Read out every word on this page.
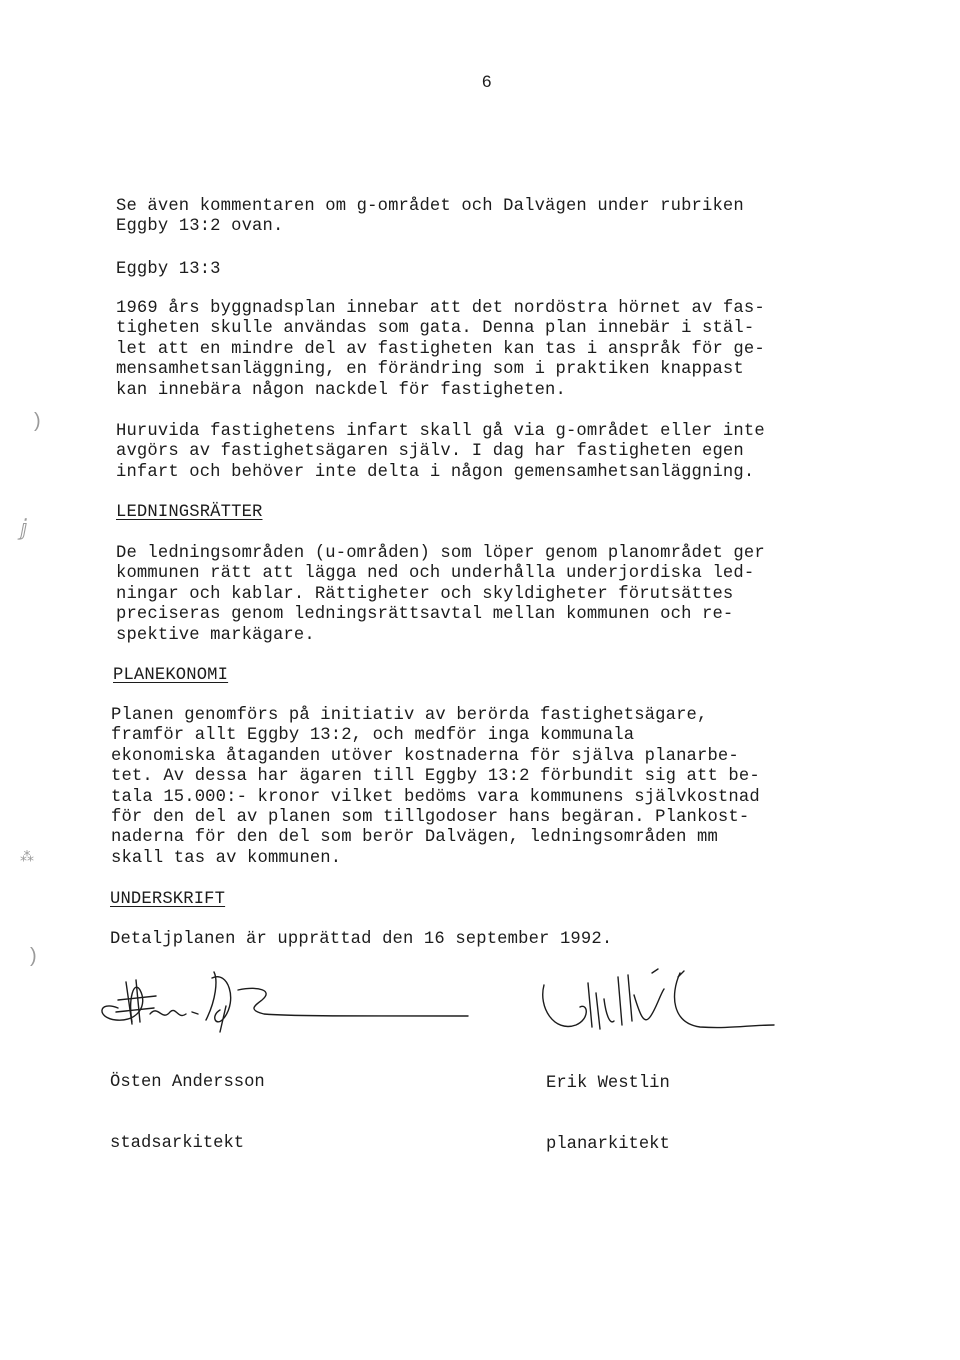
6
Se även kommentaren om g-området och Dalvägen under rubriken
Eggby 13:2 ovan.
Eggby 13:3
1969 års byggnadsplan innebar att det nordöstra hörnet av fas-
tigheten skulle användas som gata. Denna plan innebär i stäl-
let att en mindre del av fastigheten kan tas i anspråk för ge-
mensamhetsanläggning, en förändring som i praktiken knappast
kan innebära någon nackdel för fastigheten.
Huruvida fastighetens infart skall gå via g-området eller inte
avgörs av fastighetsägaren själv. I dag har fastigheten egen
infart och behöver inte delta i någon gemensamhetsanläggning.
LEDNINGSRÄTTER
De ledningsområden (u-områden) som löper genom planområdet ger
kommunen rätt att lägga ned och underhålla underjordiska led-
ningar och kablar. Rättigheter och skyldigheter förutsättes
preciseras genom ledningsrättsavtal mellan kommunen och re-
spektive markägare.
PLANEKONOMI
Planen genomförs på initiativ av berörda fastighetsägare,
framför allt Eggby 13:2, och medför inga kommunala
ekonomiska åtaganden utöver kostnaderna för själva planarbe-
tet. Av dessa har ägaren till Eggby 13:2 förbundit sig att be-
tala 15.000:- kronor vilket bedöms vara kommunens självkostnad
för den del av planen som tillgodoser hans begäran. Plankost-
naderna för den del som berör Dalvägen, ledningsområden mm
skall tas av kommunen.
UNDERSKRIFT
Detaljplanen är upprättad den 16 september 1992.

Östen Andersson

stadsarkitekt

Erik Westlin

planarkitekt

)
ⅉ
⁂
)
